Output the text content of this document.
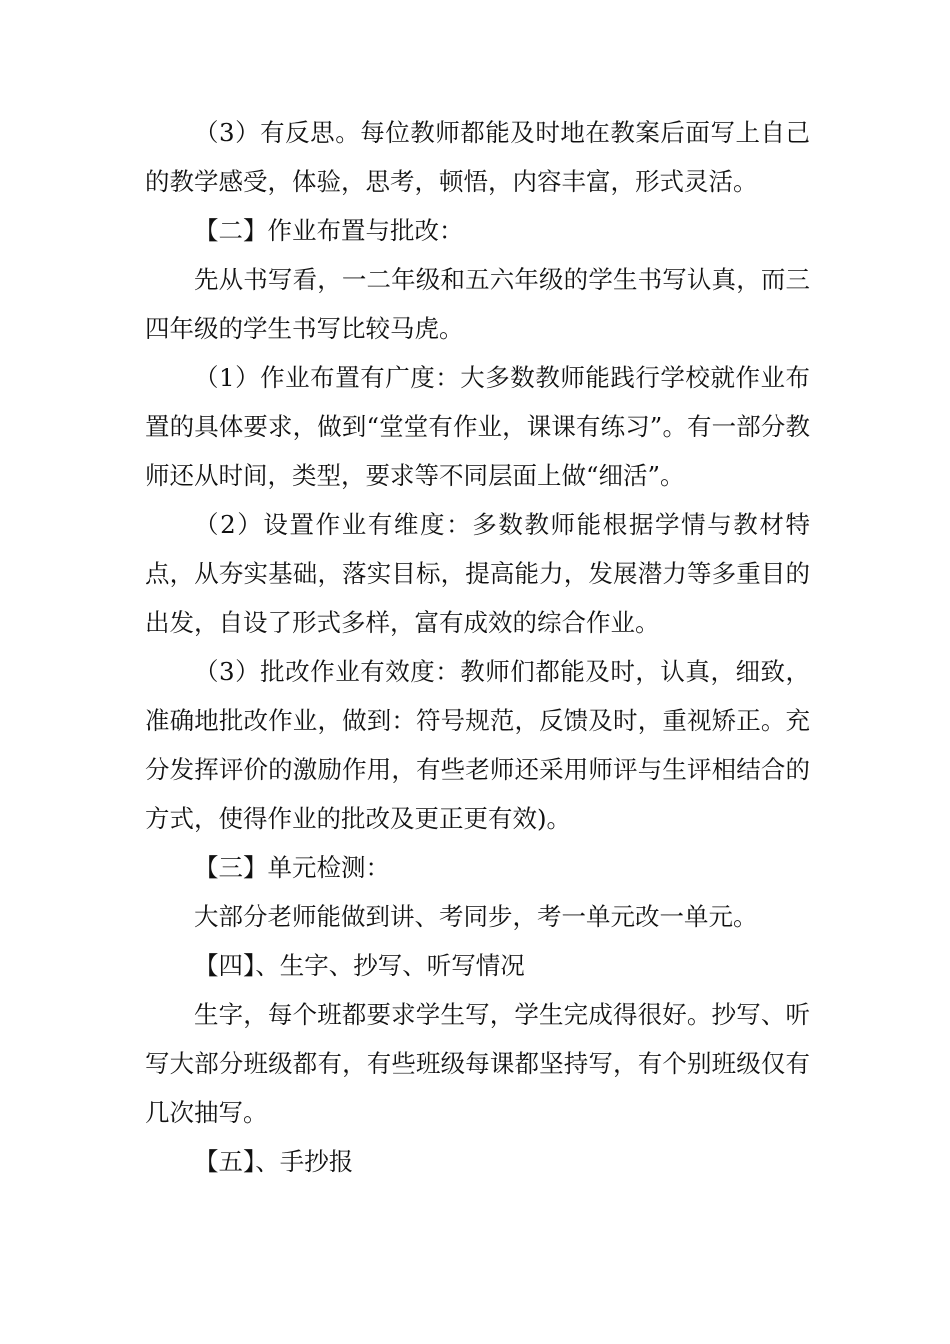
（3）有反思。每位教师都能及时地在教案后面写上自己的教学感受，体验，思考，顿悟，内容丰富，形式灵活。

【二】作业布置与批改：

先从书写看，一二年级和五六年级的学生书写认真，而三四年级的学生书写比较马虎。

（1）作业布置有广度：大多数教师能践行学校就作业布置的具体要求，做到“堂堂有作业，课课有练习”。有一部分教师还从时间，类型，要求等不同层面上做“细活”。

（2）设置作业有维度：多数教师能根据学情与教材特点，从夯实基础，落实目标，提高能力，发展潜力等多重目的出发，自设了形式多样，富有成效的综合作业。

（3）批改作业有效度：教师们都能及时，认真，细致，准确地批改作业，做到：符号规范，反馈及时，重视矫正。充分发挥评价的激励作用，有些老师还采用师评与生评相结合的方式，使得作业的批改及更正更有效)。

【三】单元检测：

大部分老师能做到讲、考同步，考一单元改一单元。

【四】、生字、抄写、听写情况

生字，每个班都要求学生写，学生完成得很好。抄写、听写大部分班级都有，有些班级每课都坚持写，有个别班级仅有几次抽写。

【五】、手抄报
